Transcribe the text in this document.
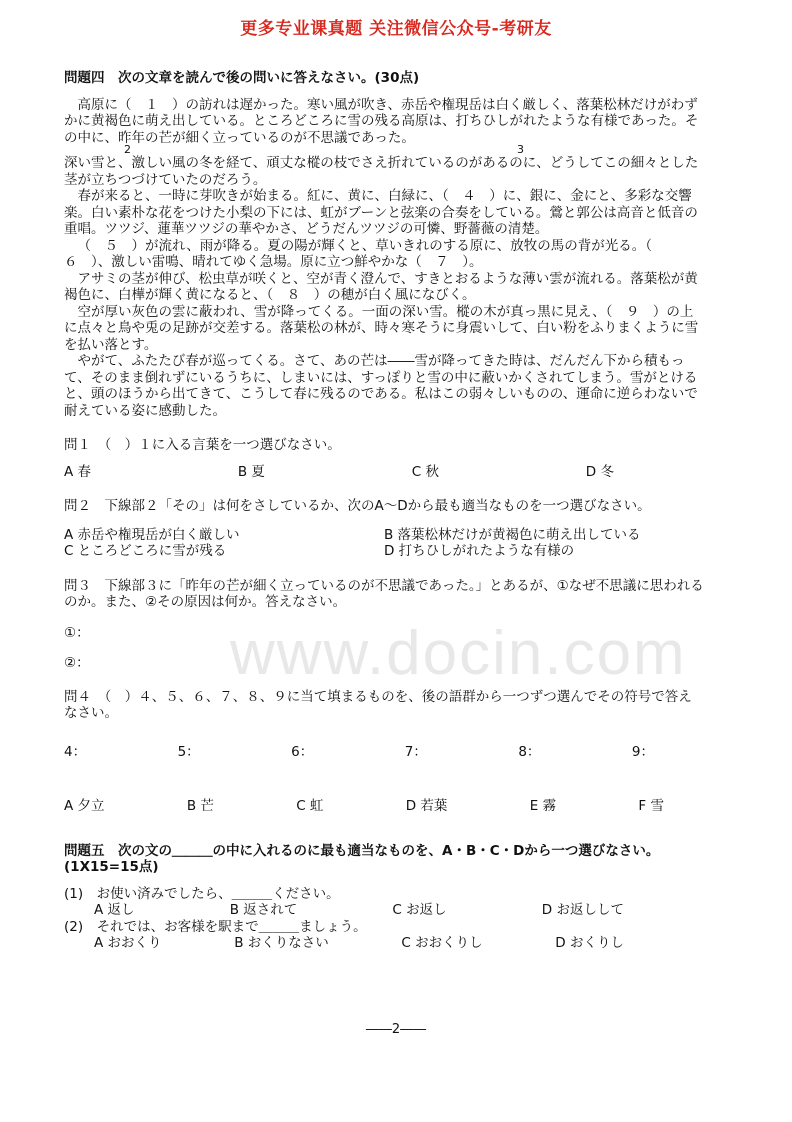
更多专业课真题 关注微信公众号-考研友
www.docin.com
問題四　次の文章を読んで後の問いに答えなさい。(30点)

高原に（　１　）の訪れは遅かった。寒い風が吹き、赤岳や権現岳は白く厳しく、落葉松林だけがわずかに黄褐色に萌え出している。ところどころに雪の残る高原は、打ちひしがれたような有様であった。その中に、昨年の芒が細く立っているのが不思議であった。

2	3

深い雪と、激しい風の冬を経て、頑丈な樅の枝でさえ折れているのがあるのに、どうしてこの細々とした茎が立ちつづけていたのだろう。

春が来ると、一時に芽吹きが始まる。紅に、黄に、白緑に、（　４　）に、銀に、金にと、多彩な交響楽。白い素朴な花をつけた小梨の下には、虹がブーンと弦楽の合奏をしている。鶯と郭公は高音と低音の重唱。ツツジ、蓮華ツツジの華やかさ、どうだんツツジの可憐、野薔薇の清楚。

（　５　）が流れ、雨が降る。夏の陽が輝くと、草いきれのする原に、放牧の馬の背が光る。（　６　）、激しい雷鳴、晴れてゆく急場。原に立つ鮮やかな（　７　）。

アサミの茎が伸び、松虫草が咲くと、空が青く澄んで、すきとおるような薄い雲が流れる。落葉松が黄褐色に、白樺が輝く黄になると、（　８　）の穂が白く風になびく。

空が厚い灰色の雲に蔽われ、雪が降ってくる。一面の深い雪。樅の木が真っ黒に見え、（　９　）の上に点々と鳥や兎の足跡が交差する。落葉松の林が、時々寒そうに身震いして、白い粉をふりまくように雪を払い落とす。

やがて、ふたたび春が巡ってくる。さて、あの芒は――雪が降ってきた時は、だんだん下から積もって、そのまま倒れずにいるうちに、しまいには、すっぽりと雪の中に蔽いかくされてしまう。雪がとけると、頭のほうから出てきて、こうして春に残るのである。私はこの弱々しいものの、運命に逆らわないで耐えている姿に感動した。

問１　（　）１に入る言葉を一つ選びなさい。
A 春	B 夏	C 秋	D 冬
問２　下線部２「その」は何をさしているか、次のA～Dから最も適当なものを一つ選びなさい。
A 赤岳や権現岳が白く厳しい	B 落葉松林だけが黄褐色に萌え出している
C ところどころに雪が残る	D 打ちひしがれたような有様の
問３　下線部３に「昨年の芒が細く立っているのが不思議であった。」とあるが、①なぜ不思議に思われるのか。また、②その原因は何か。答えなさい。
①：
②：
問４　（　）４、５、６、７、８、９に当て填まるものを、後の語群から一つずつ選んでその符号で答えなさい。
4：	5：	6：	7：	8：	9：
A 夕立	B 芒	C 虹	D 若葉	E 霧	F 雪
問題五　次の文の＿＿＿の中に入れるのに最も適当なものを、A・B・C・Dから一つ選びなさい。(1X15=15点)
(1)　お使い済みでしたら、＿＿＿ください。
A 返し	B 返されて	C お返し	D お返しして
(2)　それでは、お客様を駅まで＿＿＿ましょう。
A おおくり	B おくりなさい	C おおくりし	D おくりし
――2――
